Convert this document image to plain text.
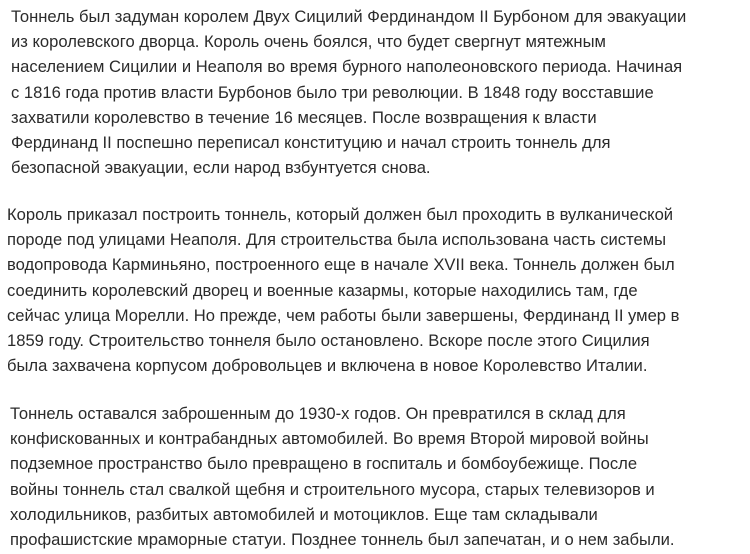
Тоннель был задуман королем Двух Сицилий Фердинандом II Бурбоном для эвакуации
из королевского дворца. Король очень боялся, что будет свергнут мятежным
населением Сицилии и Неаполя во время бурного наполеоновского периода. Начиная
с 1816 года против власти Бурбонов было три революции. В 1848 году восставшие
захватили королевство в течение 16 месяцев. После возвращения к власти
Фердинанд II поспешно переписал конституцию и начал строить тоннель для
безопасной эвакуации, если народ взбунтуется снова.

Король приказал построить тоннель, который должен был проходить в вулканической
породе под улицами Неаполя. Для строительства была использована часть системы
водопровода Карминьяно, построенного еще в начале XVII века. Тоннель должен был
соединить королевский дворец и военные казармы, которые находились там, где
сейчас улица Морелли. Но прежде, чем работы были завершены, Фердинанд II умер в
1859 году. Строительство тоннеля было остановлено. Вскоре после этого Сицилия
была захвачена корпусом добровольцев и включена в новое Королевство Италии.

Тоннель оставался заброшенным до 1930-х годов. Он превратился в склад для
конфискованных и контрабандных автомобилей. Во время Второй мировой войны
подземное пространство было превращено в госпиталь и бомбоубежище. После
войны тоннель стал свалкой щебня и строительного мусора, старых телевизоров и
холодильников, разбитых автомобилей и мотоциклов. Еще там складывали
профашистские мраморные статуи. Позднее тоннель был запечатан, и о нем забыли.
